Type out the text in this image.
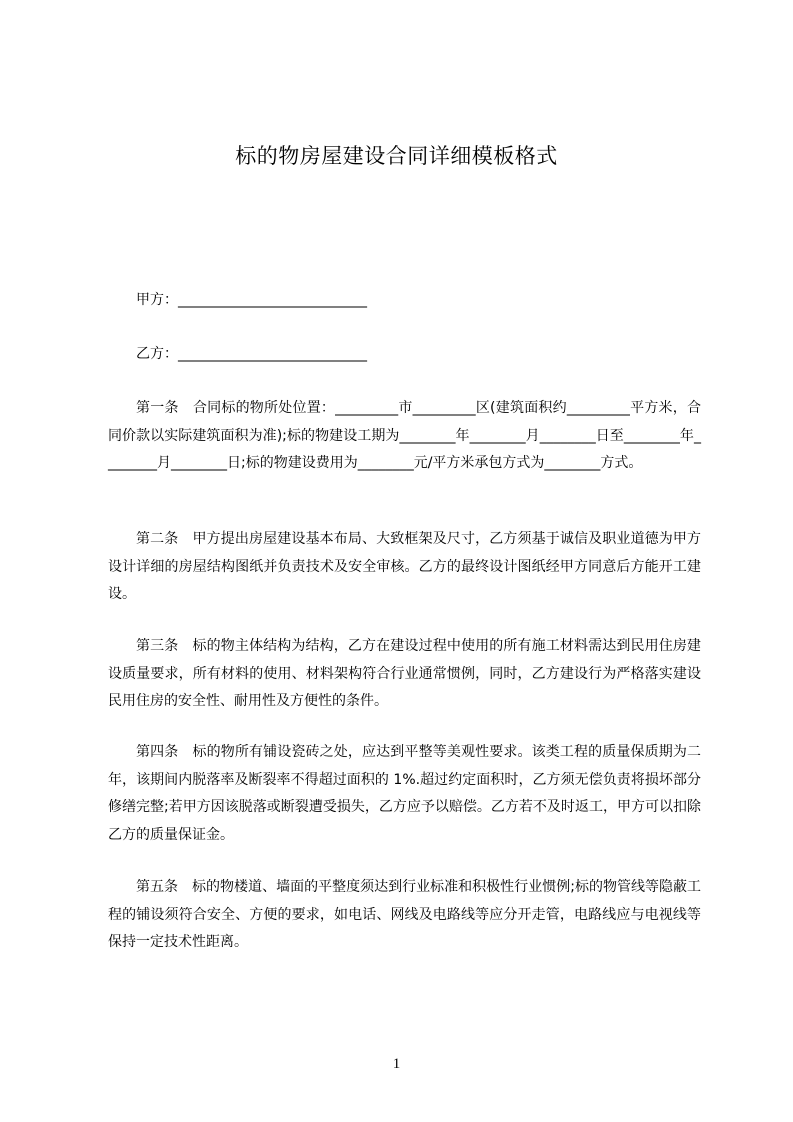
标的物房屋建设合同详细模板格式
甲方：___________________________
乙方：___________________________

第一条　合同标的物所处位置：_________市_________区(建筑面积约_________平方米，合同价款以实际建筑面积为准);标的物建设工期为________年________月________日至________年________月________日;标的物建设费用为________元/平方米承包方式为________方式。

第二条　甲方提出房屋建设基本布局、大致框架及尺寸，乙方须基于诚信及职业道德为甲方设计详细的房屋结构图纸并负责技术及安全审核。乙方的最终设计图纸经甲方同意后方能开工建设。

第三条　标的物主体结构为结构，乙方在建设过程中使用的所有施工材料需达到民用住房建设质量要求，所有材料的使用、材料架构符合行业通常惯例，同时，乙方建设行为严格落实建设民用住房的安全性、耐用性及方便性的条件。

第四条　标的物所有铺设瓷砖之处，应达到平整等美观性要求。该类工程的质量保质期为二年，该期间内脱落率及断裂率不得超过面积的 1%.超过约定面积时，乙方须无偿负责将损坏部分修缮完整;若甲方因该脱落或断裂遭受损失，乙方应予以赔偿。乙方若不及时返工，甲方可以扣除乙方的质量保证金。

第五条　标的物楼道、墙面的平整度须达到行业标准和积极性行业惯例;标的物管线等隐蔽工程的铺设须符合安全、方便的要求，如电话、网线及电路线等应分开走管，电路线应与电视线等保持一定技术性距离。

1
